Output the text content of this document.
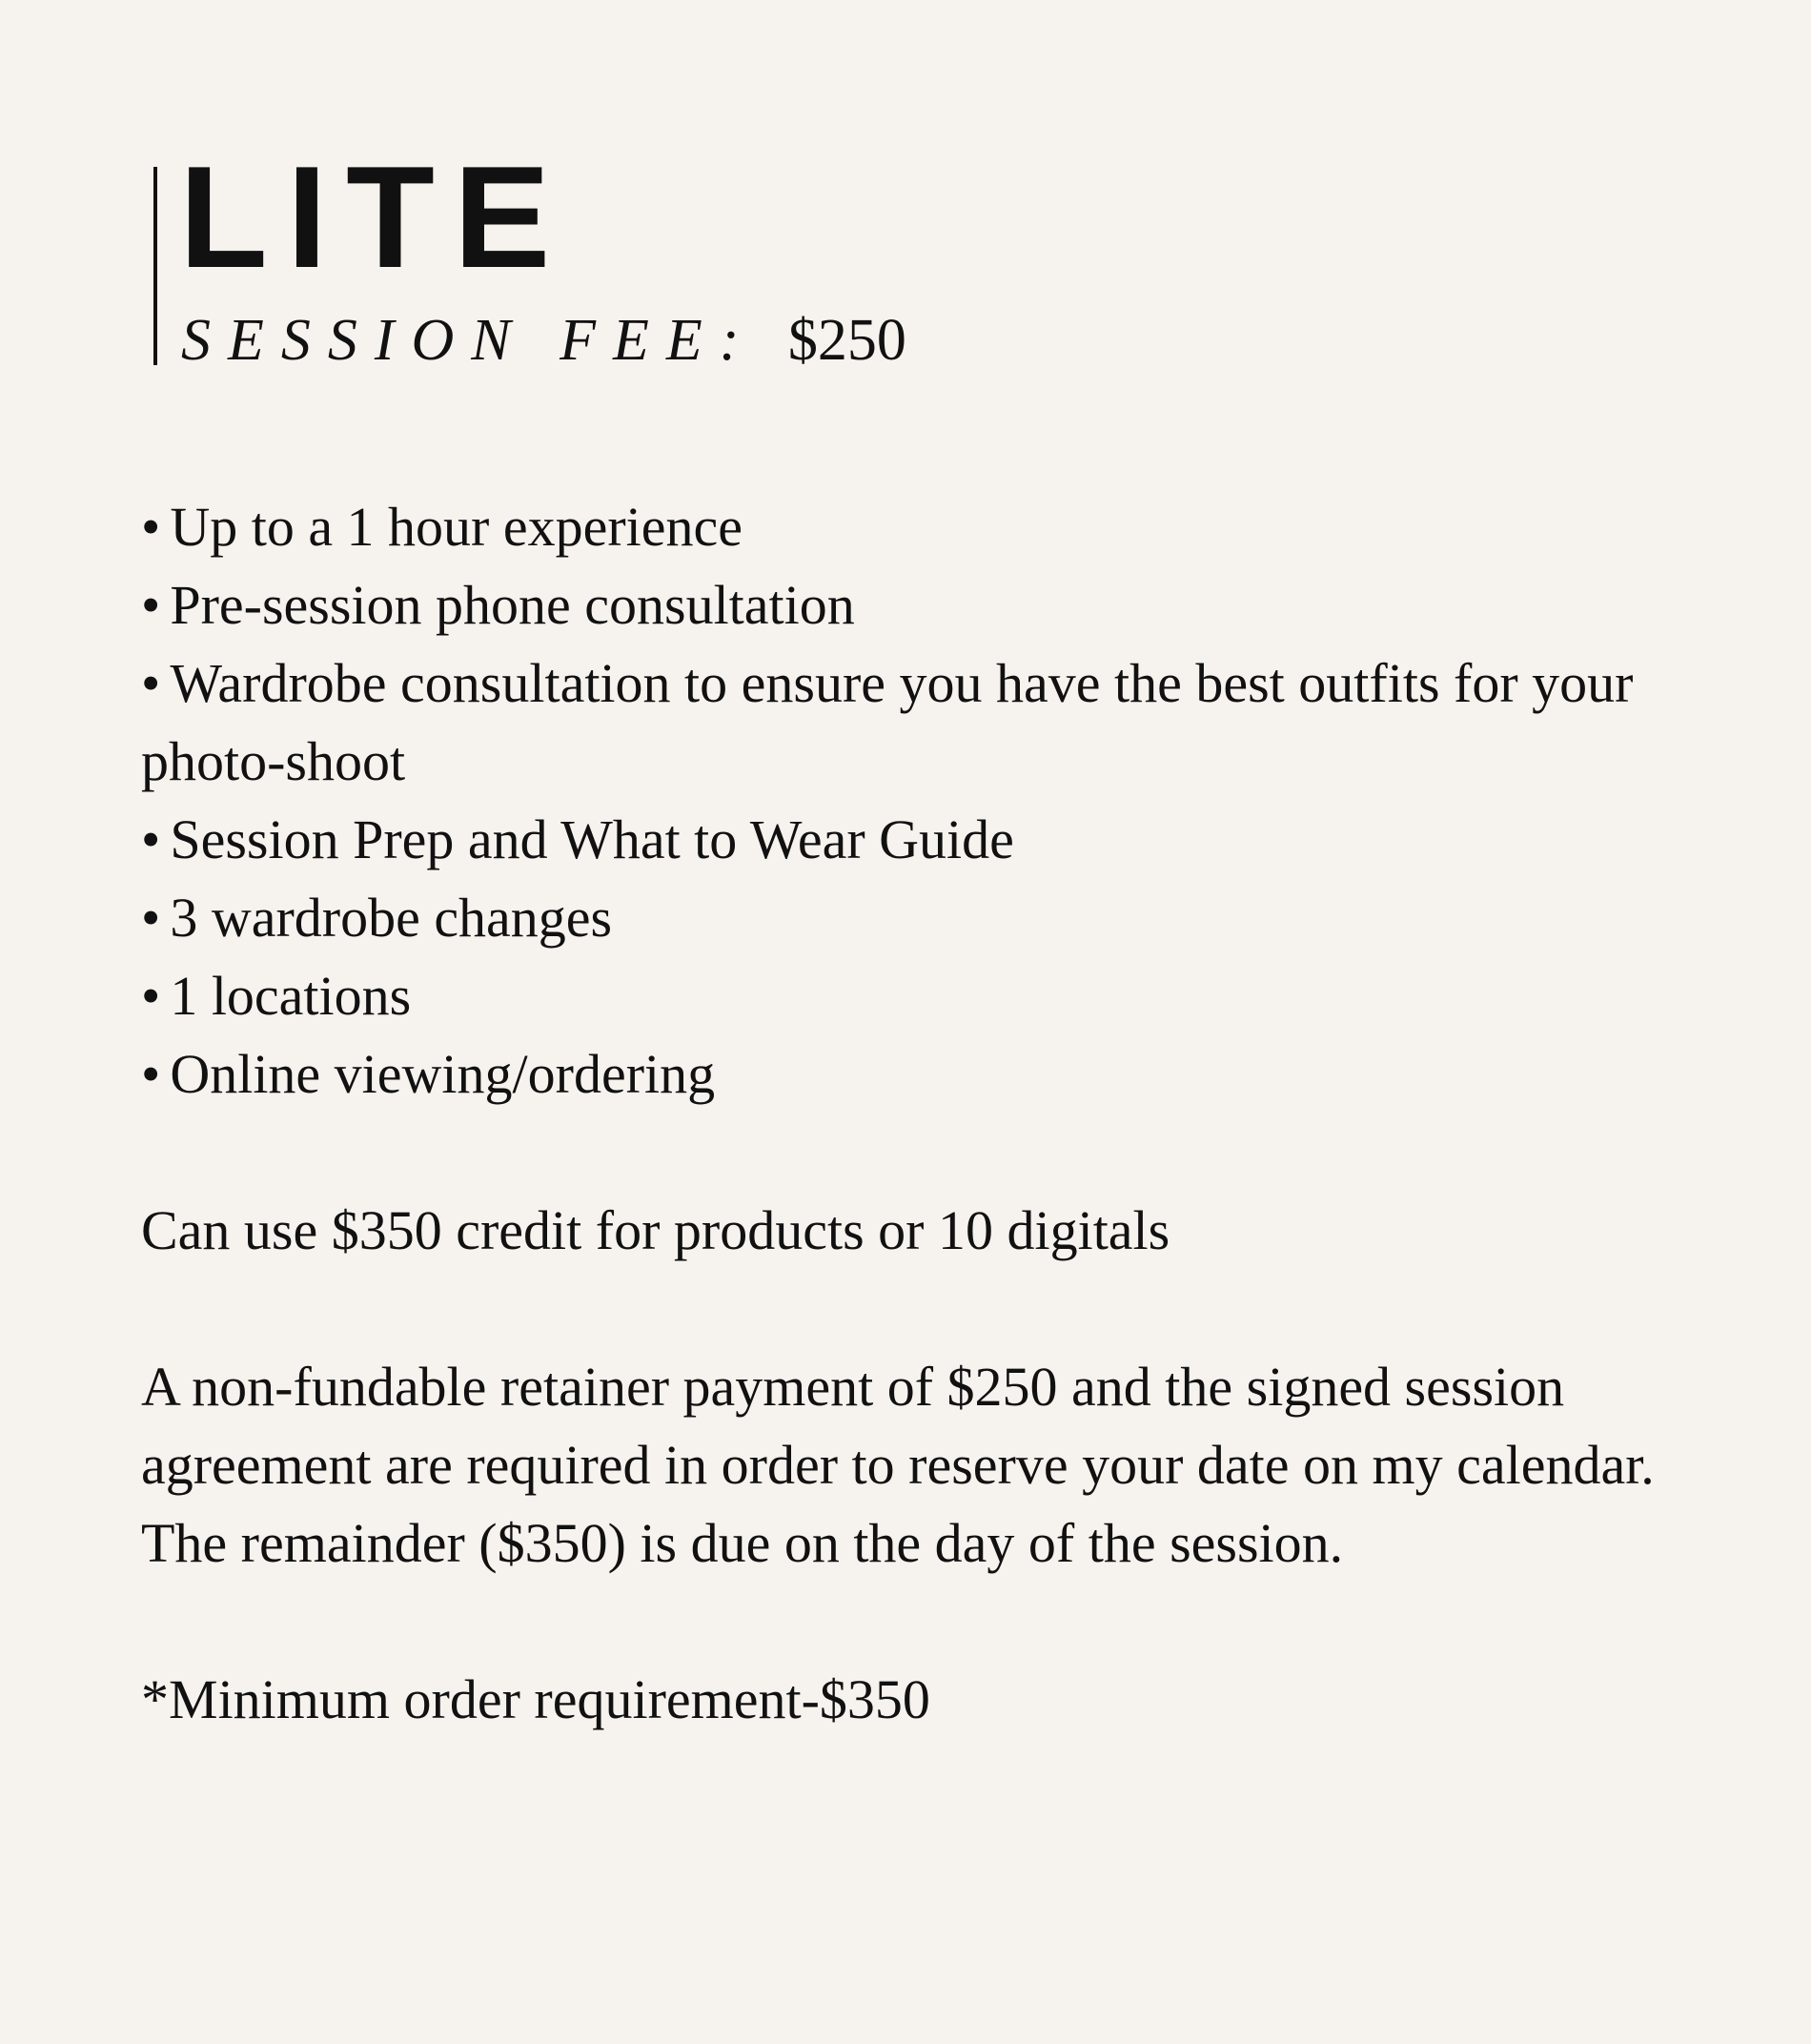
LITE
SESSION FEE: $250
• Up to a 1 hour experience
• Pre-session phone consultation
• Wardrobe consultation to ensure you have the best outfits for your photo-shoot
• Session Prep and What to Wear Guide
• 3 wardrobe changes
• 1 locations
• Online viewing/ordering

Can use $350 credit for products or 10 digitals

A non-fundable retainer payment of $250 and the signed session agreement are required in order to reserve your date on my calendar. The remainder ($350) is due on the day of the session.

*Minimum order requirement-$350
